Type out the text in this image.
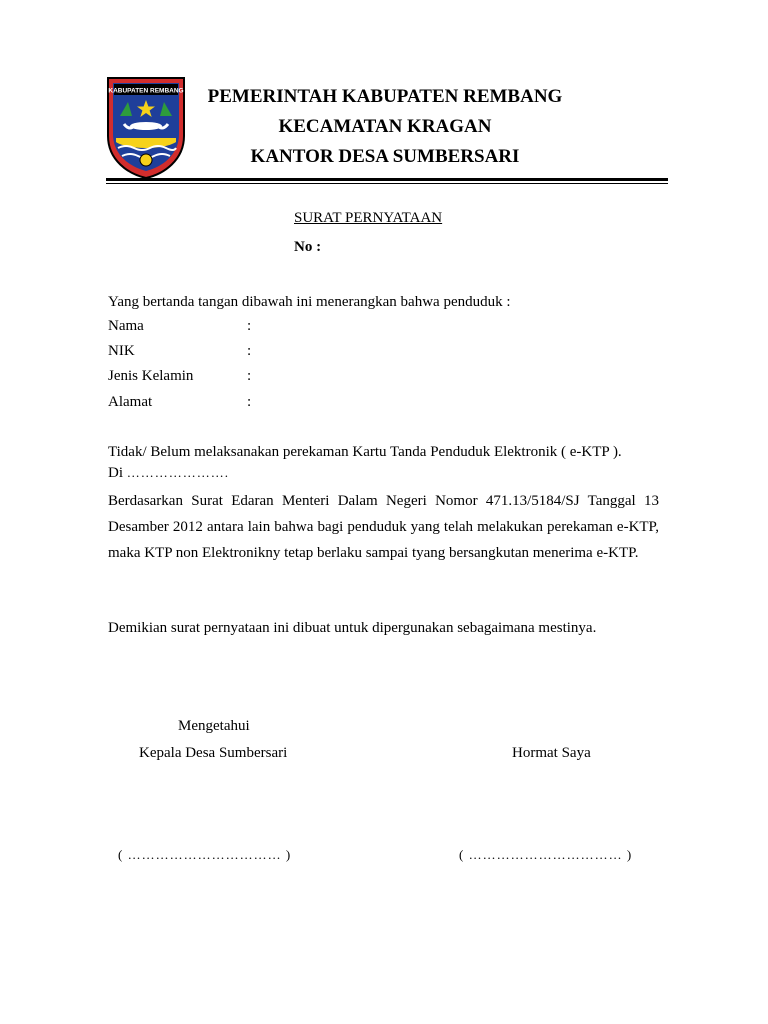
KABUPATEN REMBANG	PEMERINTAH KABUPATEN REMBANG
KECAMATAN KRAGAN
KANTOR DESA SUMBERSARI
SURAT PERNYATAAN
No :
Yang bertanda tangan dibawah ini menerangkan bahwa penduduk :
Nama	:
NIK	:
Jenis Kelamin	:
Alamat	:
Tidak/ Belum melaksanakan perekaman Kartu Tanda Penduduk Elektronik ( e-KTP ).
Di ………………….
Berdasarkan Surat Edaran Menteri Dalam Negeri Nomor 471.13/5184/SJ Tanggal 13 Desamber 2012 antara lain bahwa bagi penduduk yang telah melakukan perekaman e-KTP, maka KTP non Elektronikny tetap berlaku sampai tyang bersangkutan menerima e-KTP.
Demikian surat pernyataan ini dibuat untuk dipergunakan sebagaimana mestinya.
Mengetahui
Kepala Desa Sumbersari	Hormat Saya
( …………………………… )	( …………………………… )
